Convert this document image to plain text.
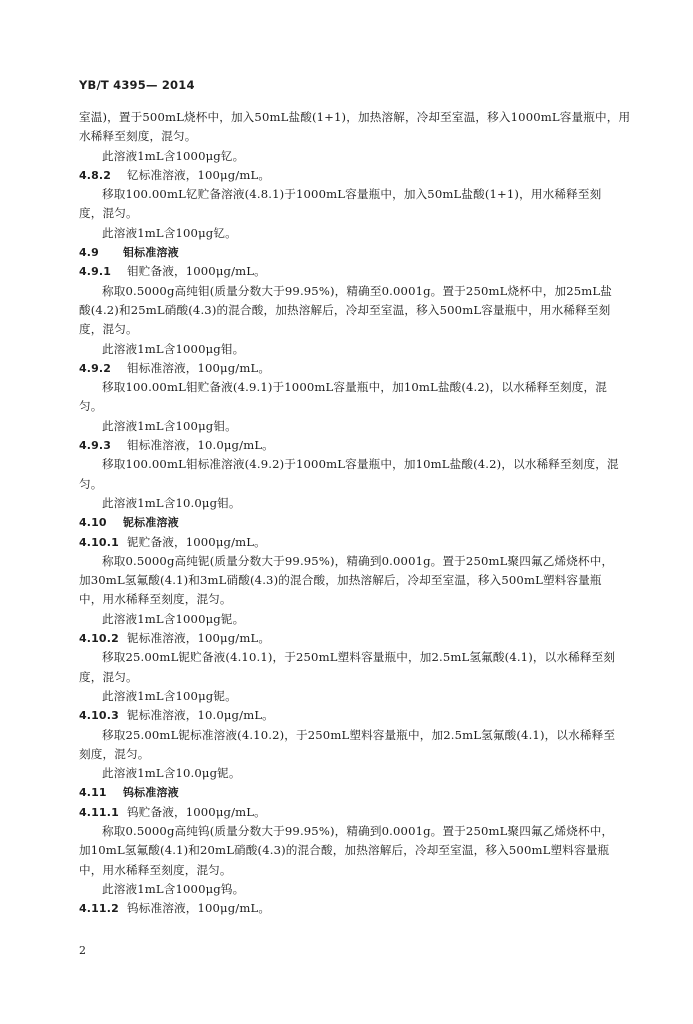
YB/T 4395— 2014
室温)，置于500mL烧杯中，加入50mL盐酸(1+1)，加热溶解，冷却至室温，移入1000mL容量瓶中，用
水稀释至刻度，混匀。
此溶液1mL含1000μg钇。
4.8.2 钇标准溶液，100μg/mL。
移取100.00mL钇贮备溶液(4.8.1)于1000mL容量瓶中，加入50mL盐酸(1+1)，用水稀释至刻
度，混匀。
此溶液1mL含100μg钇。
4.9 钼标准溶液
4.9.1 钼贮备液，1000μg/mL。
称取0.5000g高纯钼(质量分数大于99.95%)，精确至0.0001g。置于250mL烧杯中，加25mL盐
酸(4.2)和25mL硝酸(4.3)的混合酸，加热溶解后，冷却至室温，移入500mL容量瓶中，用水稀释至刻
度，混匀。
此溶液1mL含1000μg钼。
4.9.2 钼标准溶液，100μg/mL。
移取100.00mL钼贮备液(4.9.1)于1000mL容量瓶中，加10mL盐酸(4.2)，以水稀释至刻度，混
匀。
此溶液1mL含100μg钼。
4.9.3 钼标准溶液，10.0μg/mL。
移取100.00mL钼标准溶液(4.9.2)于1000mL容量瓶中，加10mL盐酸(4.2)，以水稀释至刻度，混
匀。
此溶液1mL含10.0μg钼。
4.10 铌标准溶液
4.10.1 铌贮备液，1000μg/mL。
称取0.5000g高纯铌(质量分数大于99.95%)，精确到0.0001g。置于250mL聚四氟乙烯烧杯中，
加30mL氢氟酸(4.1)和3mL硝酸(4.3)的混合酸，加热溶解后，冷却至室温，移入500mL塑料容量瓶
中，用水稀释至刻度，混匀。
此溶液1mL含1000μg铌。
4.10.2 铌标准溶液，100μg/mL。
移取25.00mL铌贮备液(4.10.1)，于250mL塑料容量瓶中，加2.5mL氢氟酸(4.1)，以水稀释至刻
度，混匀。
此溶液1mL含100μg铌。
4.10.3 铌标准溶液，10.0μg/mL。
移取25.00mL铌标准溶液(4.10.2)，于250mL塑料容量瓶中，加2.5mL氢氟酸(4.1)，以水稀释至
刻度，混匀。
此溶液1mL含10.0μg铌。
4.11 钨标准溶液
4.11.1 钨贮备液，1000μg/mL。
称取0.5000g高纯钨(质量分数大于99.95%)，精确到0.0001g。置于250mL聚四氟乙烯烧杯中，
加10mL氢氟酸(4.1)和20mL硝酸(4.3)的混合酸，加热溶解后，冷却至室温，移入500mL塑料容量瓶
中，用水稀释至刻度，混匀。
此溶液1mL含1000μg钨。
4.11.2 钨标准溶液，100μg/mL。
2
